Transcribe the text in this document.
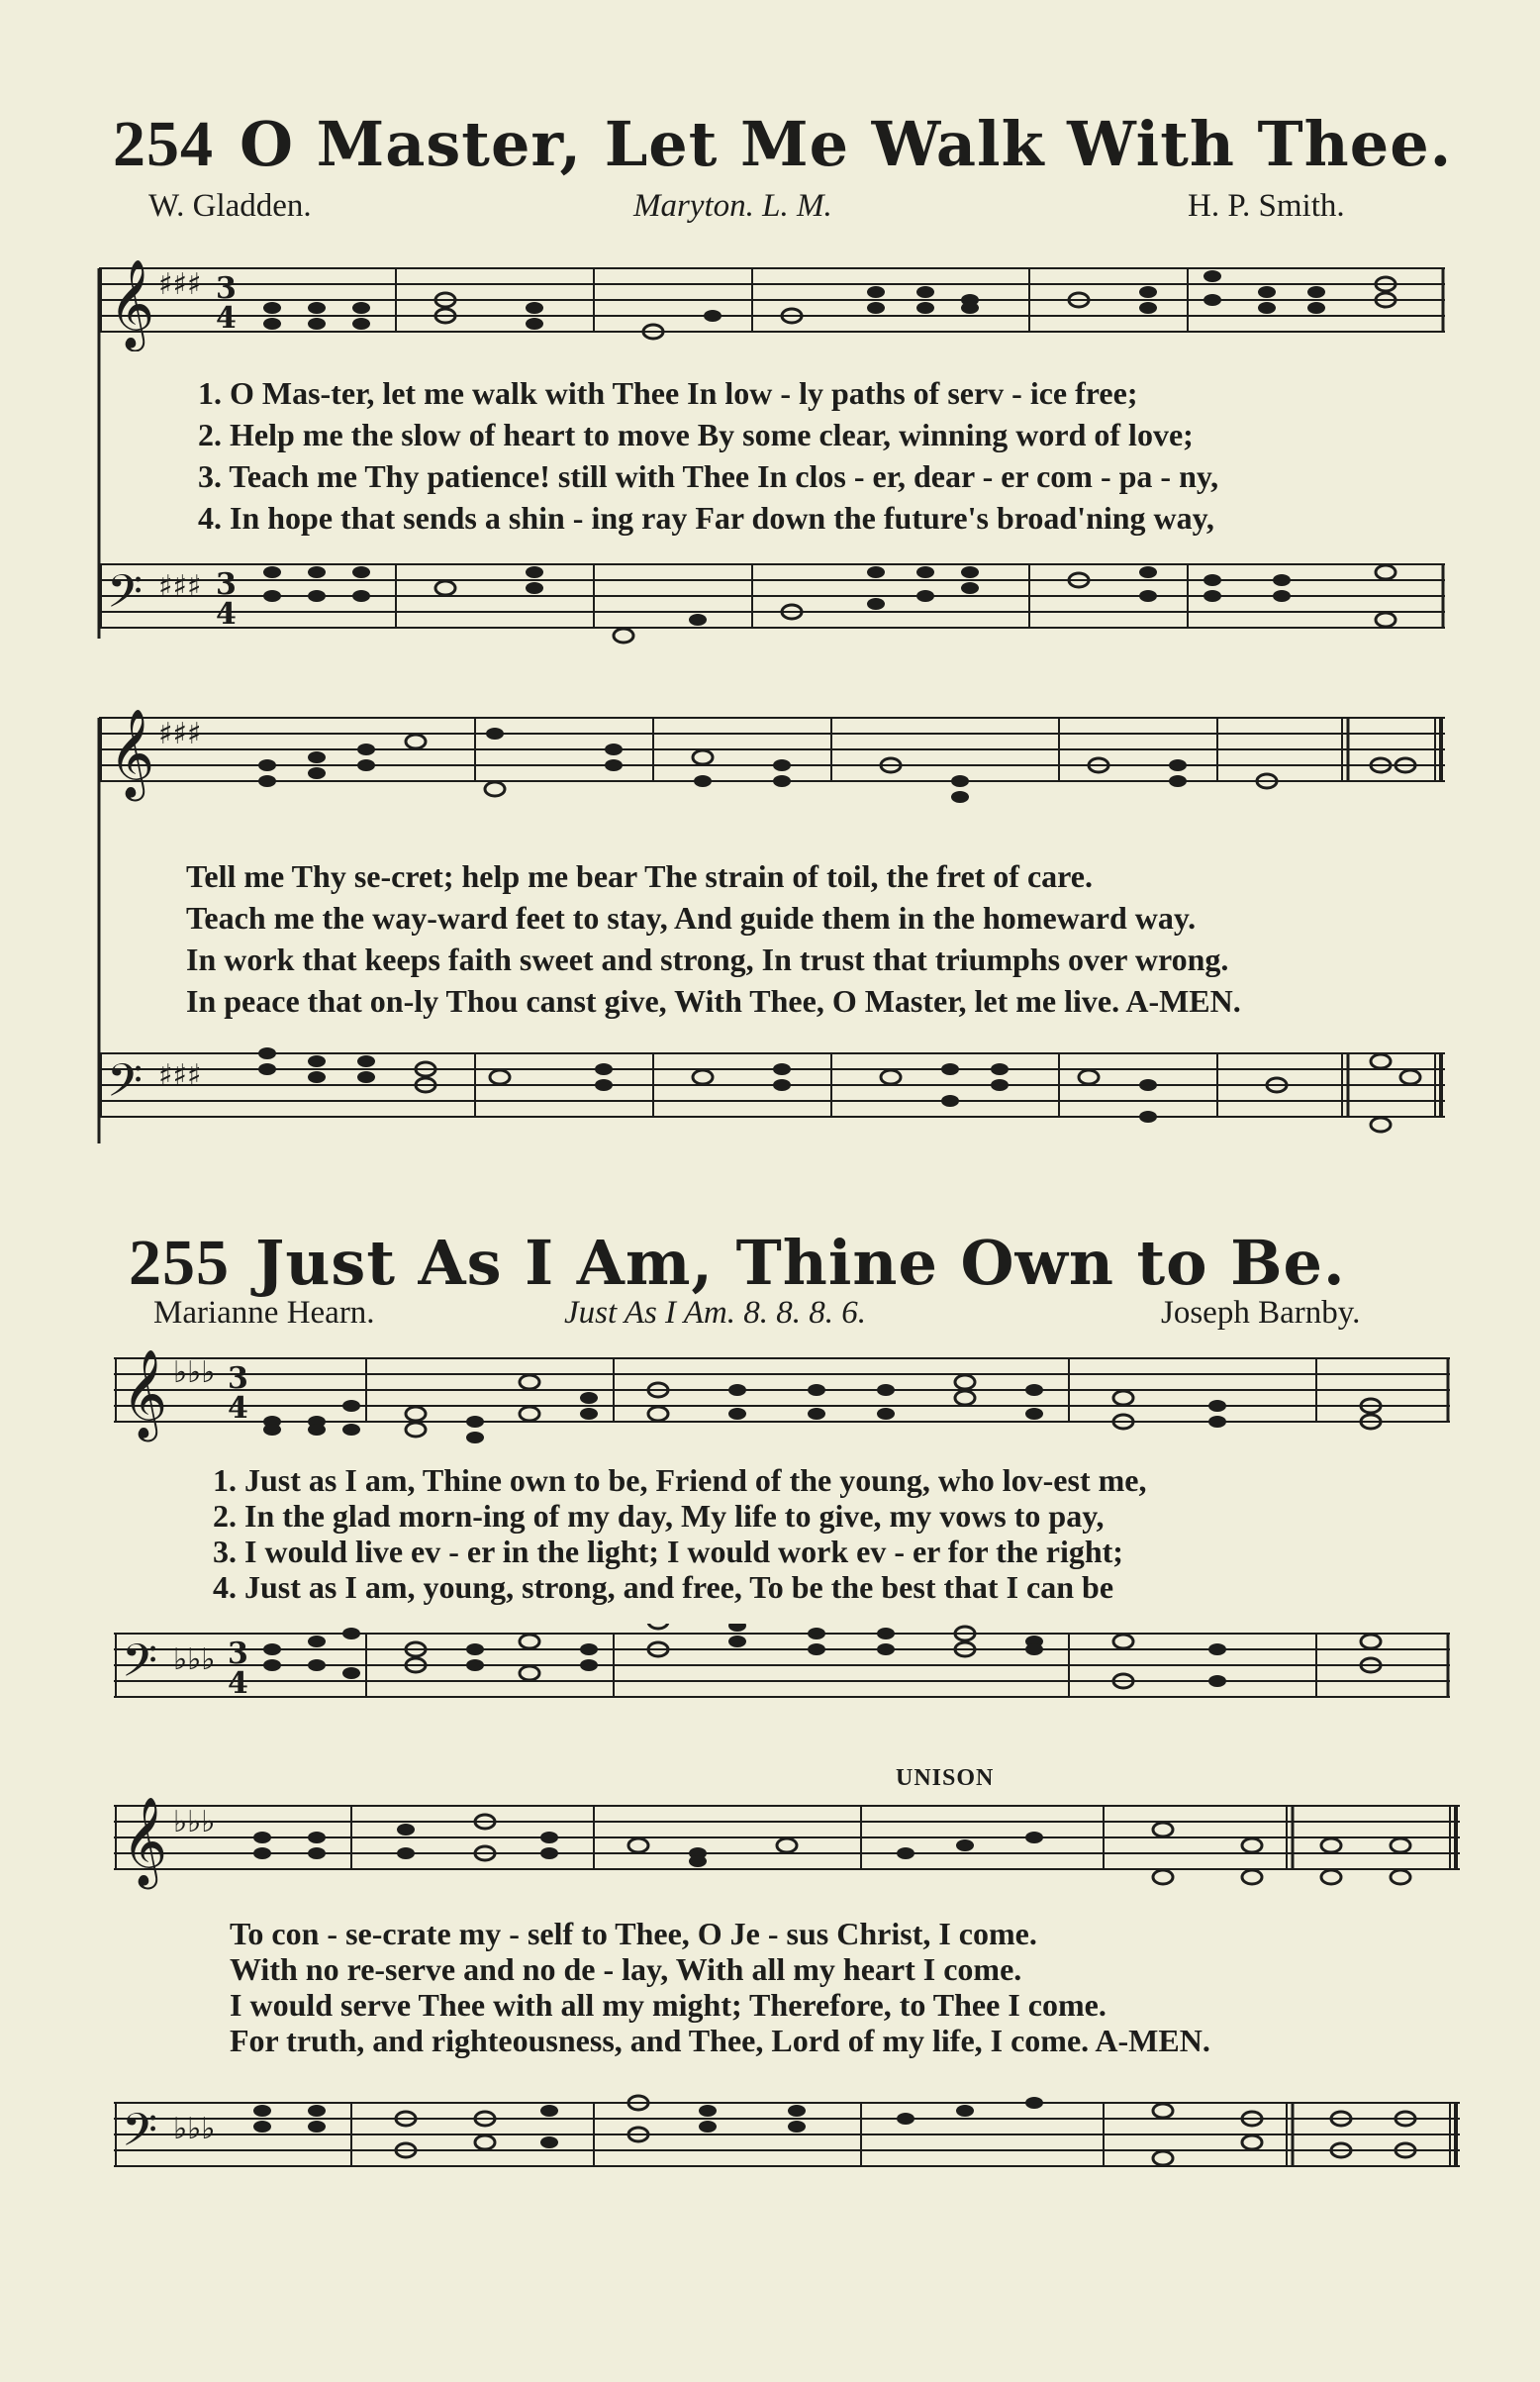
254 O Master, Let Me Walk With Thee.
W. Gladden.	Maryton. L. M.	H. P. Smith.
𝄞 ♯♯♯ 3
4
1. O Mas-ter, let me walk with Thee In low - ly paths of serv - ice free;
2. Help me the slow of heart to move By some clear, winning word of love;
3. Teach me Thy patience! still with Thee In clos - er, dear - er com - pa - ny,
4. In hope that sends a shin - ing ray Far down the future's broad'ning way,
𝄢 ♯♯♯ 3
4
𝄞 ♯♯♯
Tell me Thy se-cret; help me bear The strain of toil, the fret of care.
Teach me the way-ward feet to stay, And guide them in the homeward way.
In work that keeps faith sweet and strong, In trust that triumphs over wrong.
In peace that on-ly Thou canst give, With Thee, O Master, let me live. A-MEN.
𝄢 ♯♯♯
255 Just As I Am, Thine Own to Be.
Marianne Hearn.	Just As I Am. 8. 8. 8. 6.	Joseph Barnby.
𝄞 ♭♭♭ 3
4
1. Just as I am, Thine own to be, Friend of the young, who lov-est me,
2. In the glad morn-ing of my day, My life to give, my vows to pay,
3. I would live ev - er in the light; I would work ev - er for the right;
4. Just as I am, young, strong, and free, To be the best that I can be
𝄢 ♭♭♭ 3
4
UNISON
𝄞 ♭♭♭
To con - se-crate my - self to Thee, O Je - sus Christ, I come.
With no re-serve and no de - lay, With all my heart I come.
I would serve Thee with all my might; Therefore, to Thee I come.
For truth, and righteousness, and Thee, Lord of my life, I come. A-MEN.
𝄢 ♭♭♭
